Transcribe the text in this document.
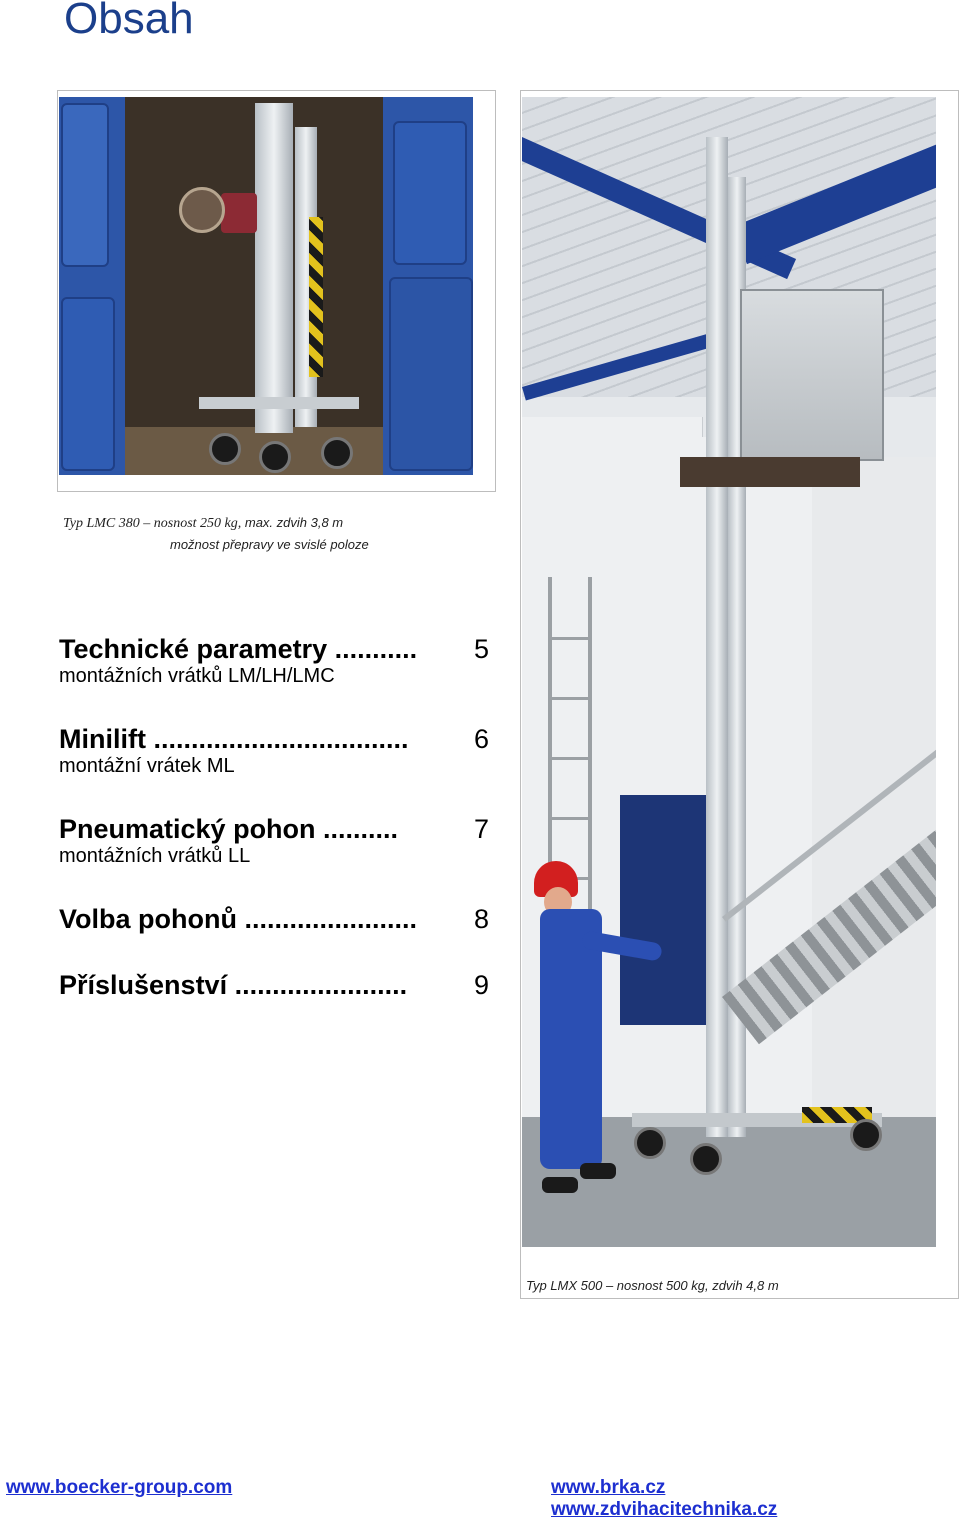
Obsah
Typ LMC 380 – nosnost 250 kg, max. zdvih 3,8 m
možnost přepravy ve svislé poloze
Typ LMX 500 – nosnost 500 kg, zdvih 4,8 m
Technické parametry ........... 5
montážních vrátků LM/LH/LMC
Minilift .................................. 6
montážní vrátek ML
Pneumatický pohon ..........	7
montážních vrátků LL
Volba pohonů ....................... 8
Příslušenství ....................... 9
www.boecker-group.com	www.brka.cz
www.zdvihacitechnika.cz
